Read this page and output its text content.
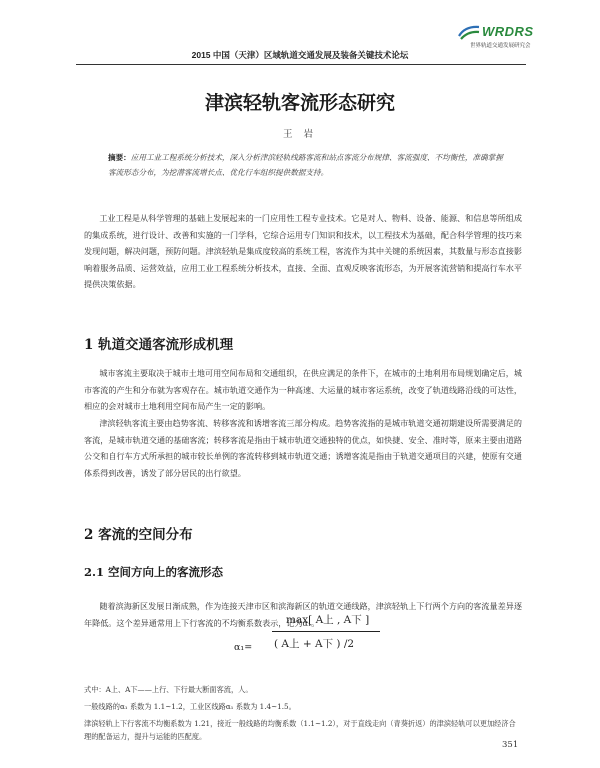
WRDRS
世界轨道交通发展研究会
2015 中国（天津）区域轨道交通发展及装备关键技术论坛
津滨轻轨客流形态研究
王 岩
摘要：应用工业工程系统分析技术，深入分析津滨轻轨线路客流和站点客流分布规律、客流强度、不均衡性，准确掌握客流形态分布，为挖潜客流增长点、优化行车组织提供数据支持。
工业工程是从科学管理的基础上发展起来的一门应用性工程专业技术。它是对人、物料、设备、能源、和信息等所组成的集成系统，进行设计、改善和实施的一门学科，它综合运用专门知识和技术，以工程技术为基础，配合科学管理的技巧来发现问题，解决问题，预防问题。津滨轻轨是集成度较高的系统工程，客流作为其中关键的系统因素，其数量与形态直接影响着服务品质、运营效益，应用工业工程系统分析技术，直接、全面、直观反映客流形态，为开展客流营销和提高行车水平提供决策依据。
1 轨道交通客流形成机理
城市客流主要取决于城市土地可用空间布局和交通组织，在供应满足的条件下，在城市的土地利用布局规划确定后，城市客流的产生和分布就为客观存在。城市轨道交通作为一种高速、大运量的城市客运系统，改变了轨道线路沿线的可达性，相应的会对城市土地利用空间布局产生一定的影响。
津滨轻轨客流主要由趋势客流、转移客流和诱增客流三部分构成。趋势客流指的是城市轨道交通初期建设所需要满足的客流，是城市轨道交通的基础客流；转移客流是指由于城市轨道交通独特的优点，如快捷、安全、准时等，原来主要由道路公交和自行车方式所承担的城市较长单例的客流转移到城市轨道交通；诱增客流是指由于轨道交通项目的兴建，使原有交通体系得到改善，诱发了部分居民的出行欲望。
2 客流的空间分布
2.1 空间方向上的客流形态
随着滨海新区发展日渐成熟，作为连接天津市区和滨海新区的轨道交通线路，津滨轻轨上下行两个方向的客流量差异逐年降低。这个差异通常用上下行客流的不均衡系数表示，记为α₁。
max[ A上 , A下 ]
( A上 + A下 ) /2
α₁=
式中：A上、A下——上行、下行最大断面客流，人。
一般线路的α₁ 系数为 1.1~1.2，工业区线路α₁ 系数为 1.4~1.5。
津滨轻轨上下行客流不均衡系数为 1.21，接近一般线路的均衡系数（1.1~1.2），对于直线走向（青葵折返）的津滨轻轨可以更加经济合理的配备运力，提升与运能的匹配度。
351
